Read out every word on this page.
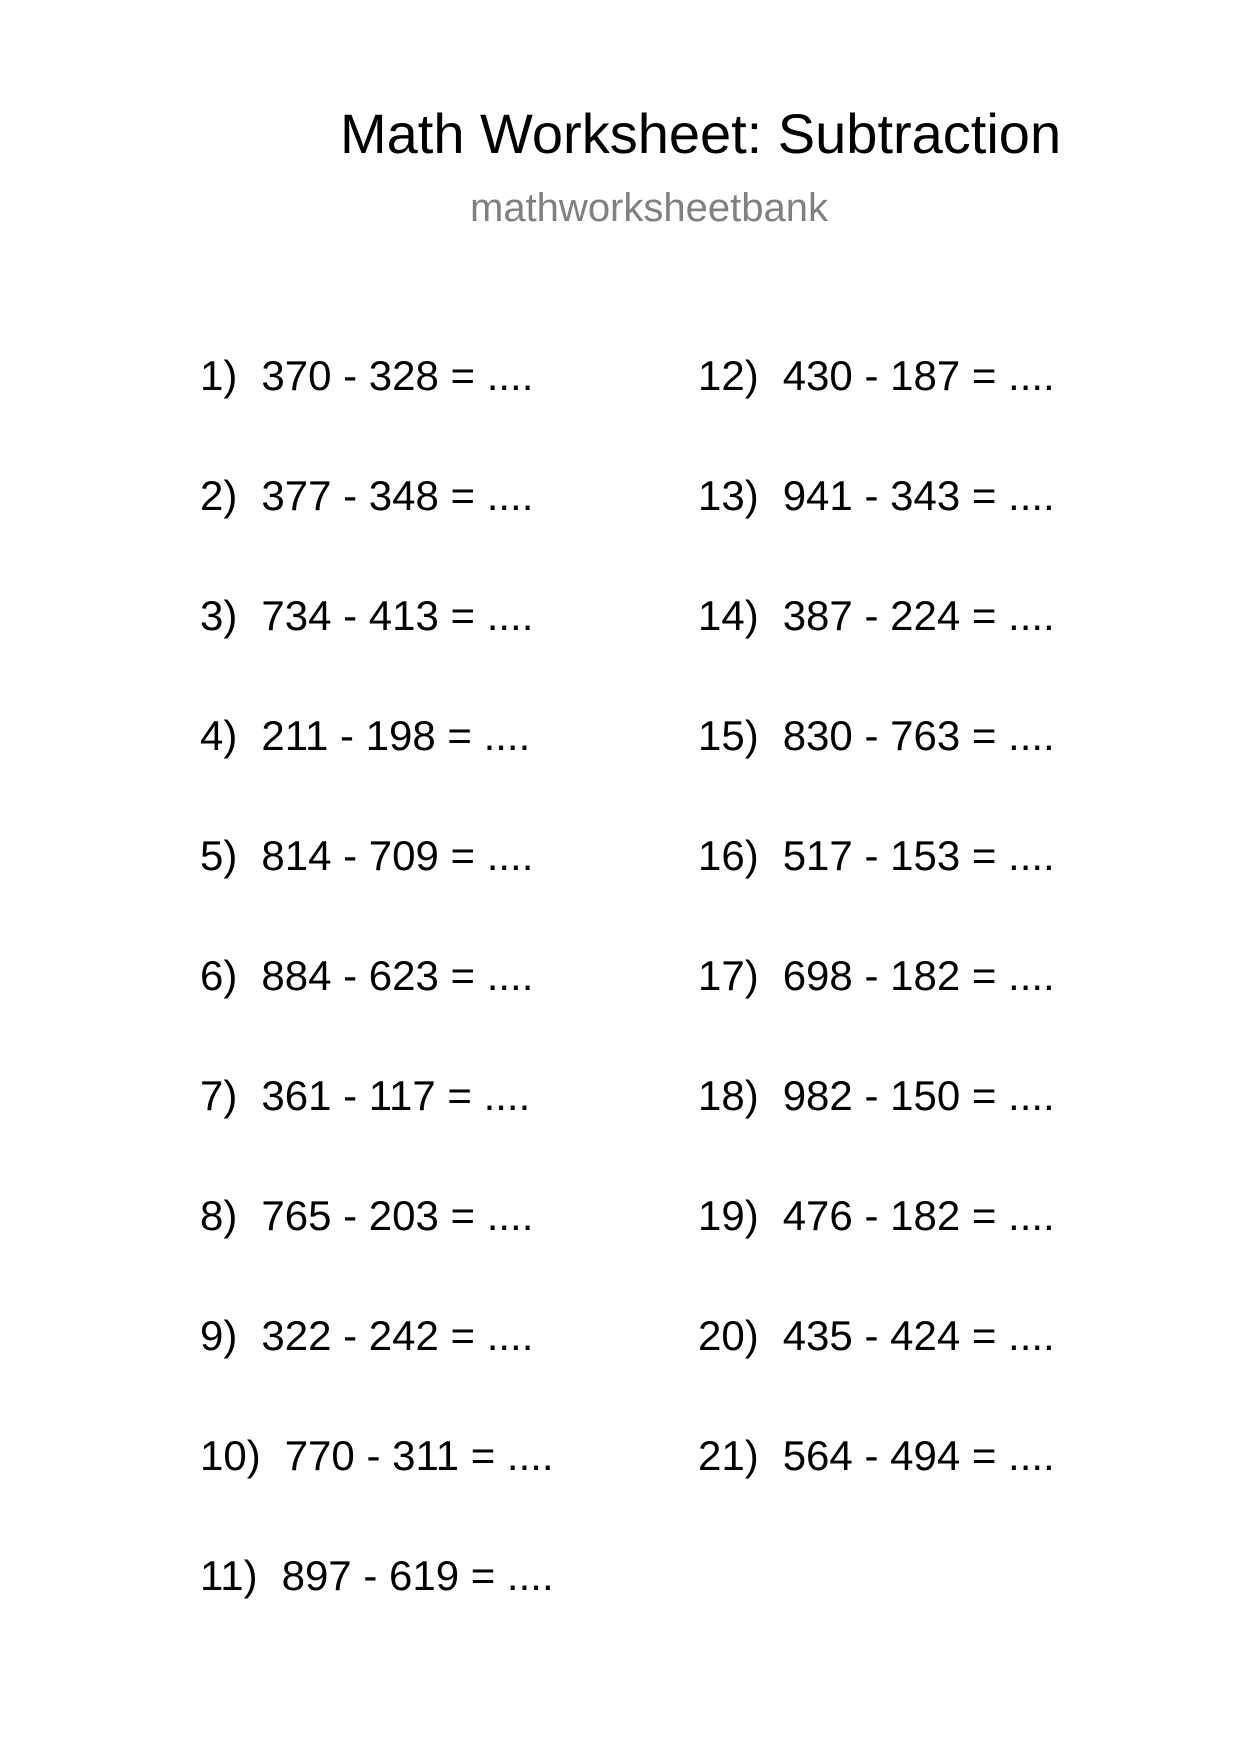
Math Worksheet: Subtraction
mathworksheetbank
1) 370 - 328 = ....
2) 377 - 348 = ....
3) 734 - 413 = ....
4) 211 - 198 = ....
5) 814 - 709 = ....
6) 884 - 623 = ....
7) 361 - 117 = ....
8) 765 - 203 = ....
9) 322 - 242 = ....
10) 770 - 311 = ....
11) 897 - 619 = ....
12) 430 - 187 = ....
13) 941 - 343 = ....
14) 387 - 224 = ....
15) 830 - 763 = ....
16) 517 - 153 = ....
17) 698 - 182 = ....
18) 982 - 150 = ....
19) 476 - 182 = ....
20) 435 - 424 = ....
21) 564 - 494 = ....
